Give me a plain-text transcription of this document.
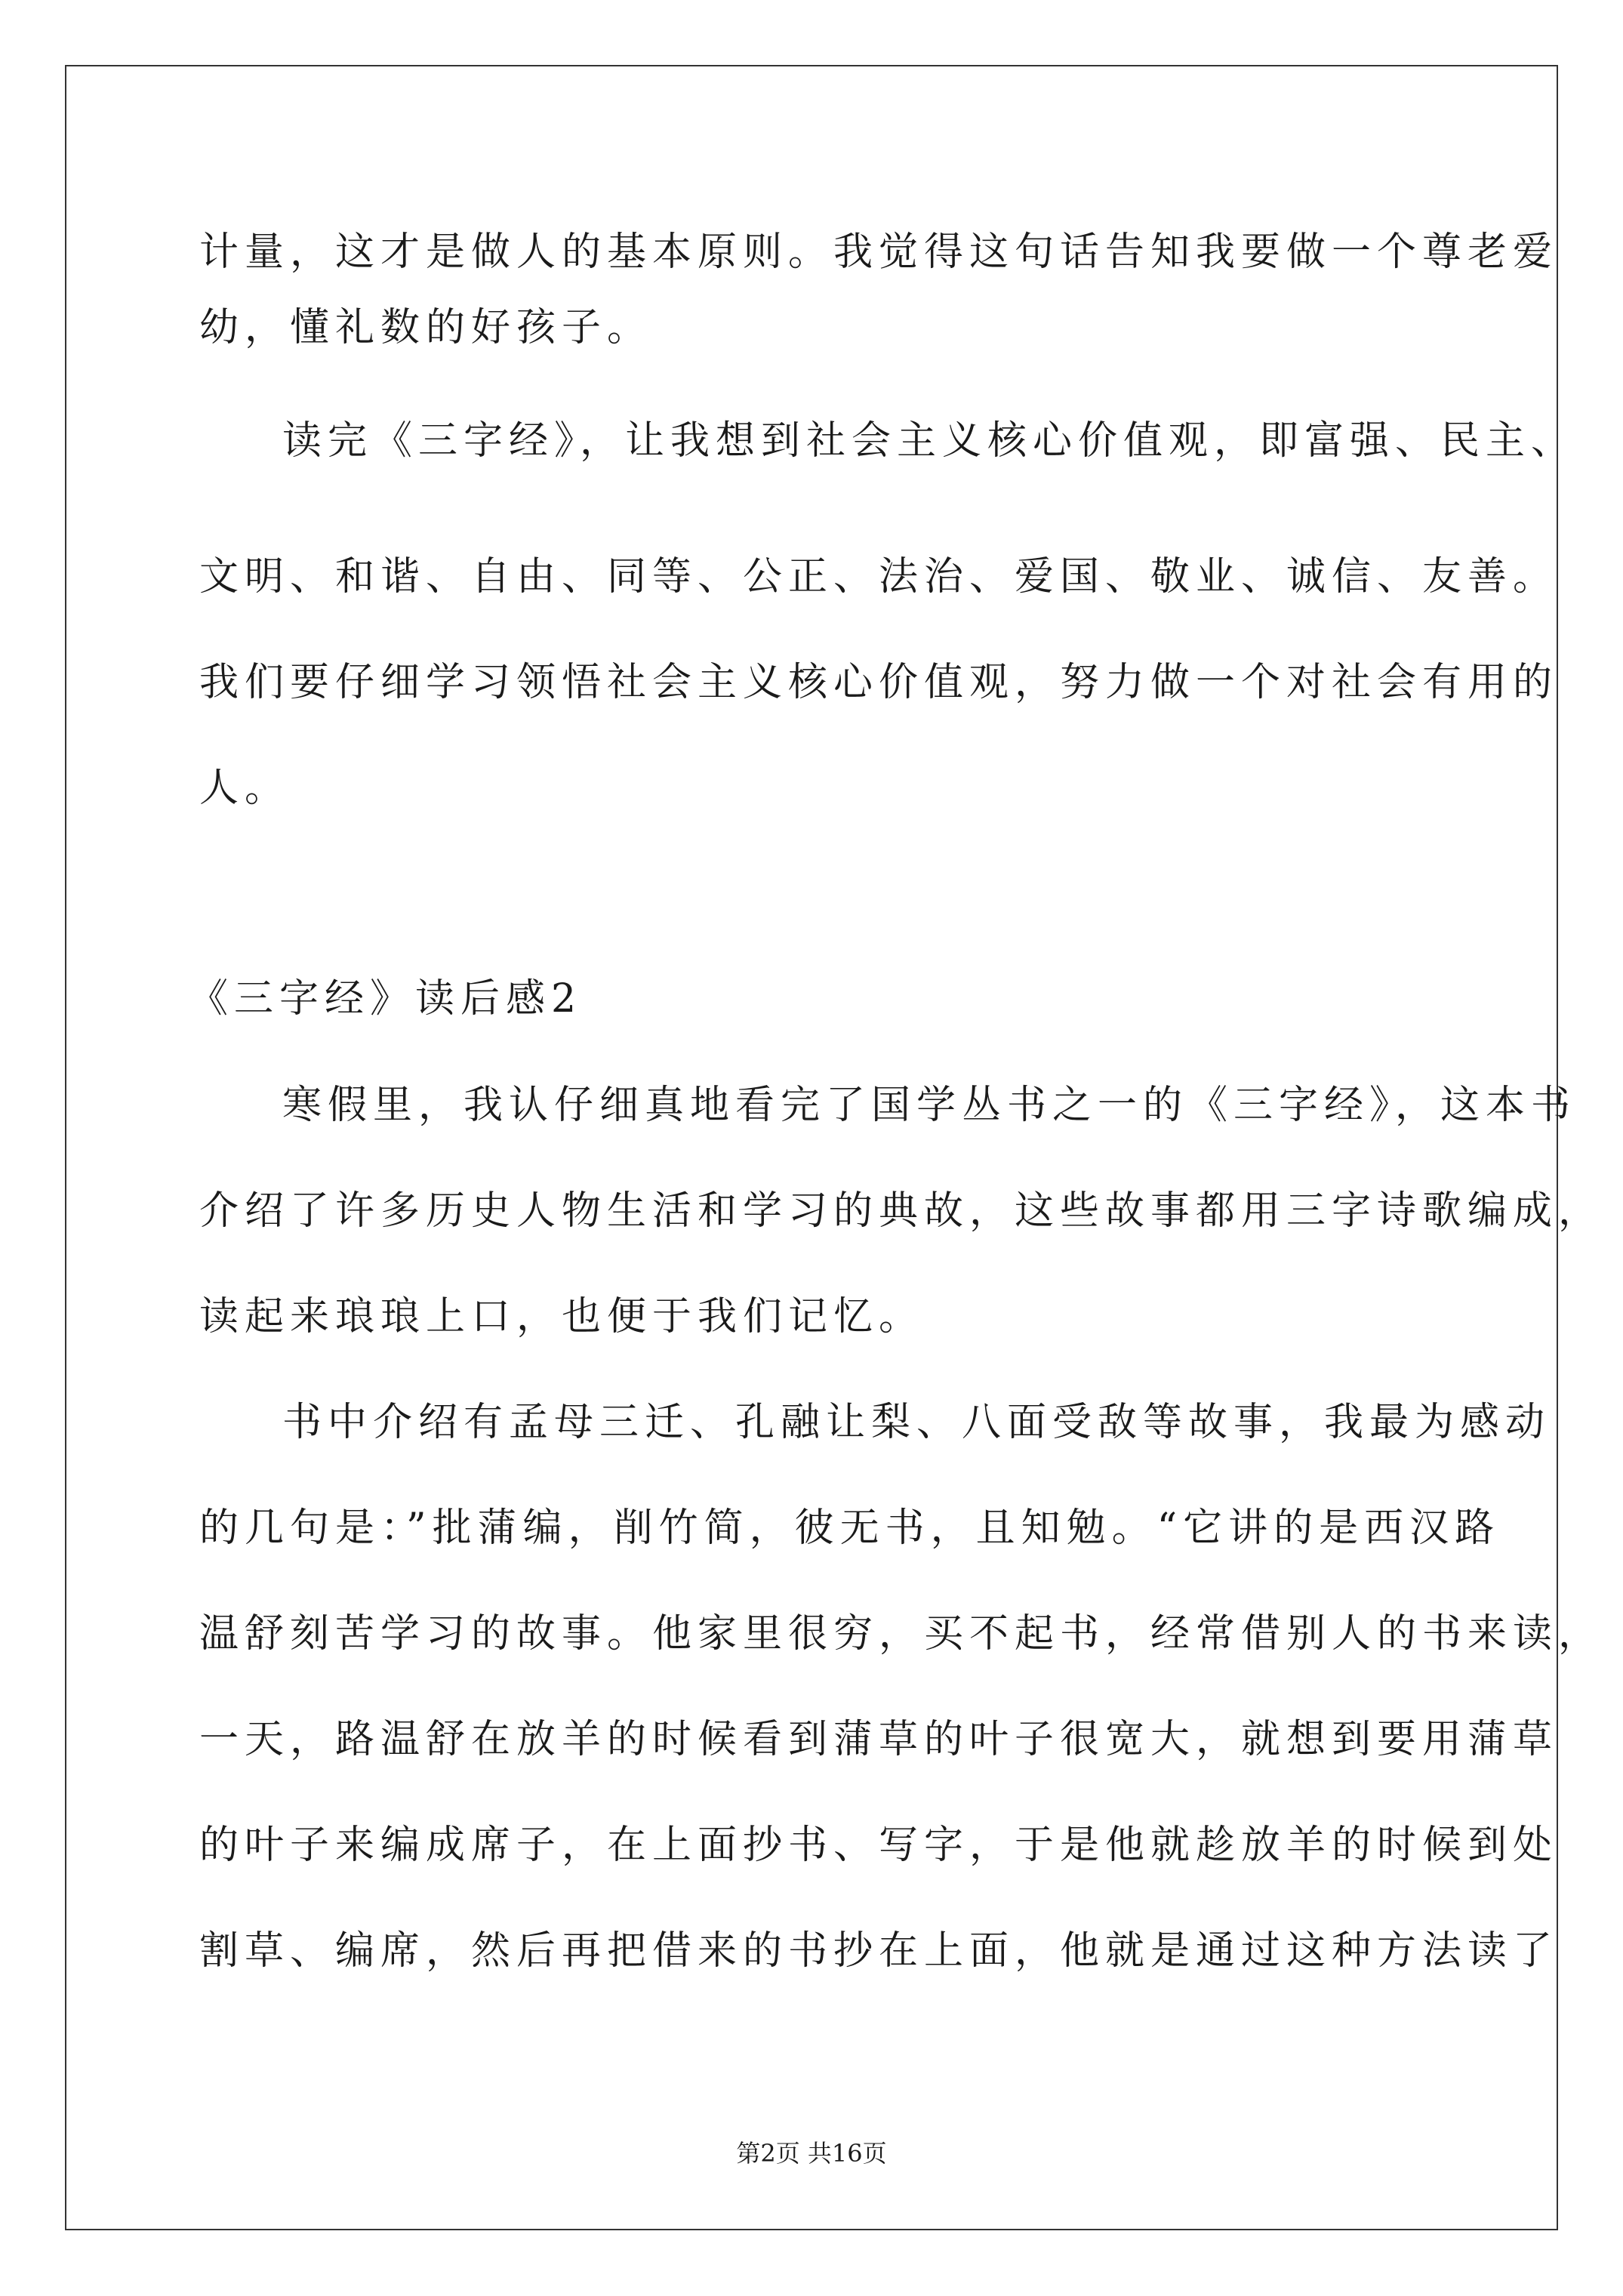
计量，这才是做人的基本原则。我觉得这句话告知我要做一个尊老爱
幼，懂礼数的好孩子。
读完《三字经》，让我想到社会主义核心价值观，即富强、民主、
文明、和谐、自由、同等、公正、法治、爱国、敬业、诚信、友善。
我们要仔细学习领悟社会主义核心价值观，努力做一个对社会有用的
人。
《三字经》读后感2
寒假里，我认仔细真地看完了国学丛书之一的《三字经》，这本书
介绍了许多历史人物生活和学习的典故，这些故事都用三字诗歌编成，
读起来琅琅上口，也便于我们记忆。
书中介绍有孟母三迁、孔融让梨、八面受敌等故事，我最为感动
的几句是：”批蒲编，削竹简，彼无书，且知勉。“它讲的是西汉路
温舒刻苦学习的故事。他家里很穷，买不起书，经常借别人的书来读，
一天，路温舒在放羊的时候看到蒲草的叶子很宽大，就想到要用蒲草
的叶子来编成席子，在上面抄书、写字，于是他就趁放羊的时候到处
割草、编席，然后再把借来的书抄在上面，他就是通过这种方法读了
第2页 共16页
